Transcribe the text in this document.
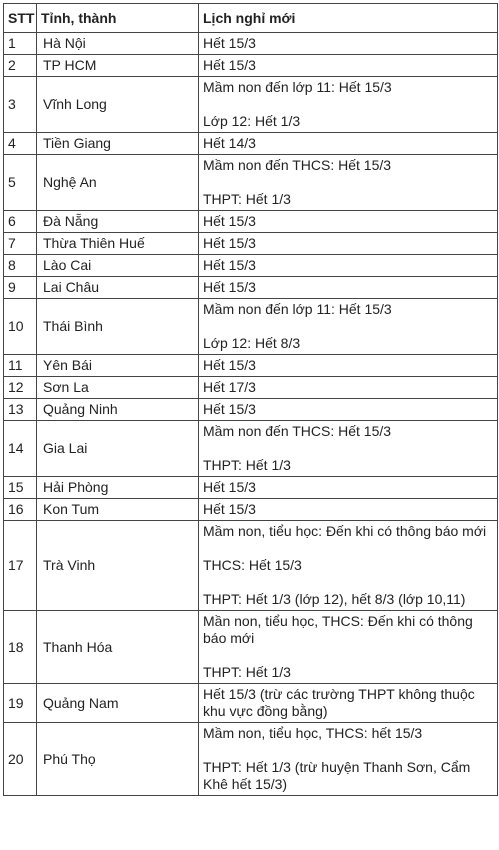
STT	Tỉnh, thành	Lịch nghỉ mới
1	Hà Nội	Hết 15/3

2	TP HCM	Hết 15/3

3	Vĩnh Long	Mầm non đến lớp 11: Hết 15/3

Lớp 12: Hết 1/3

4	Tiền Giang	Hết 14/3

5	Nghệ An	Mầm non đến THCS: Hết 15/3

THPT: Hết 1/3

6	Đà Nẵng	Hết 15/3

7	Thừa Thiên Huế	Hết 15/3

8	Lào Cai	Hết 15/3

9	Lai Châu	Hết 15/3

10	Thái Bình	Mầm non đến lớp 11: Hết 15/3

Lớp 12: Hết 8/3

11	Yên Bái	Hết 15/3

12	Sơn La	Hết 17/3

13	Quảng Ninh	Hết 15/3

14	Gia Lai	Mầm non đến THCS: Hết 15/3

THPT: Hết 1/3

15	Hải Phòng	Hết 15/3

16	Kon Tum	Hết 15/3

17	Trà Vinh	Mầm non, tiểu học: Đến khi có thông báo mới

THCS: Hết 15/3

THPT: Hết 1/3 (lớp 12), hết 8/3 (lớp 10,11)

18	Thanh Hóa	Mần non, tiểu học, THCS: Đến khi có thông báo mới

THPT: Hết 1/3

19	Quảng Nam	Hết 15/3 (trừ các trường THPT không thuộc khu vực đồng bằng)

20	Phú Thọ	Mầm non, tiểu học, THCS: hết 15/3

THPT: Hết 1/3 (trừ huyện Thanh Sơn, Cẩm Khê hết 15/3)
